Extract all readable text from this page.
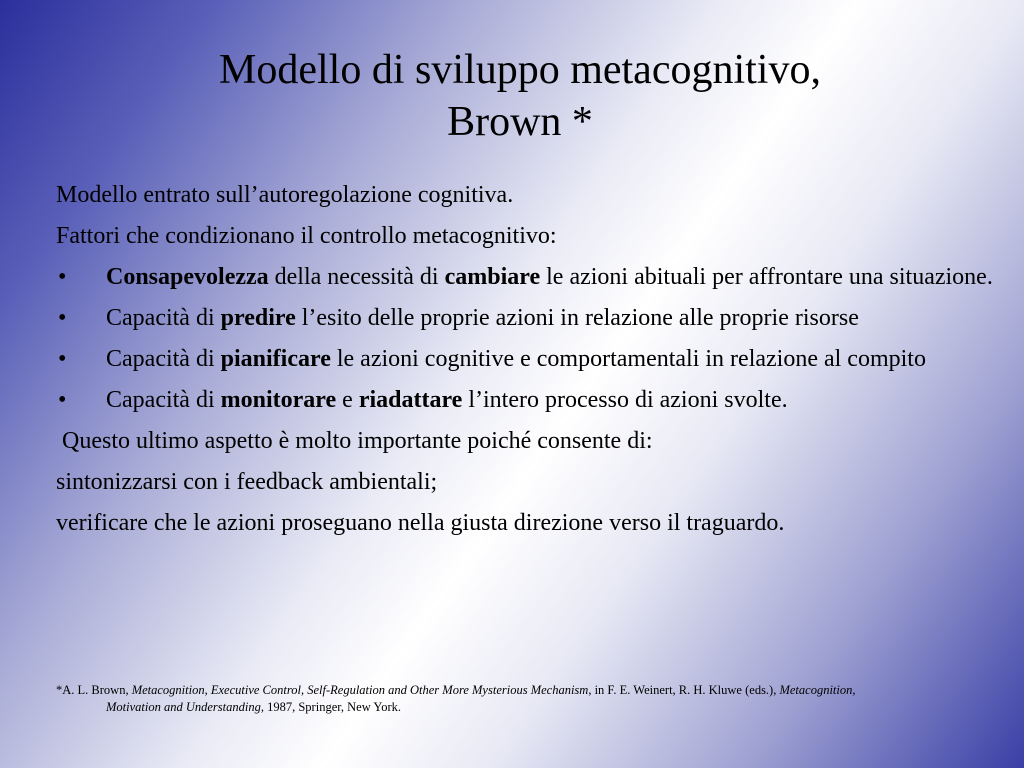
Modello di sviluppo metacognitivo,
Brown *

Modello entrato sull’autoregolazione cognitiva.

Fattori che condizionano il controllo metacognitivo:

• Consapevolezza della necessità di cambiare le azioni abituali per affrontare una situazione.
• Capacità di predire l’esito delle proprie azioni in relazione alle proprie risorse
• Capacità di pianificare le azioni cognitive e comportamentali in relazione al compito
• Capacità di monitorare e riadattare l’intero processo di azioni svolte.

Questo ultimo aspetto è molto importante poiché consente di:

sintonizzarsi con i feedback ambientali;

verificare che le azioni proseguano nella giusta direzione verso il traguardo.

*A. L. Brown, Metacognition, Executive Control, Self-Regulation and Other More Mysterious Mechanism, in F. E. Weinert, R. H. Kluwe (eds.), Metacognition,
Motivation and Understanding, 1987, Springer, New York.
